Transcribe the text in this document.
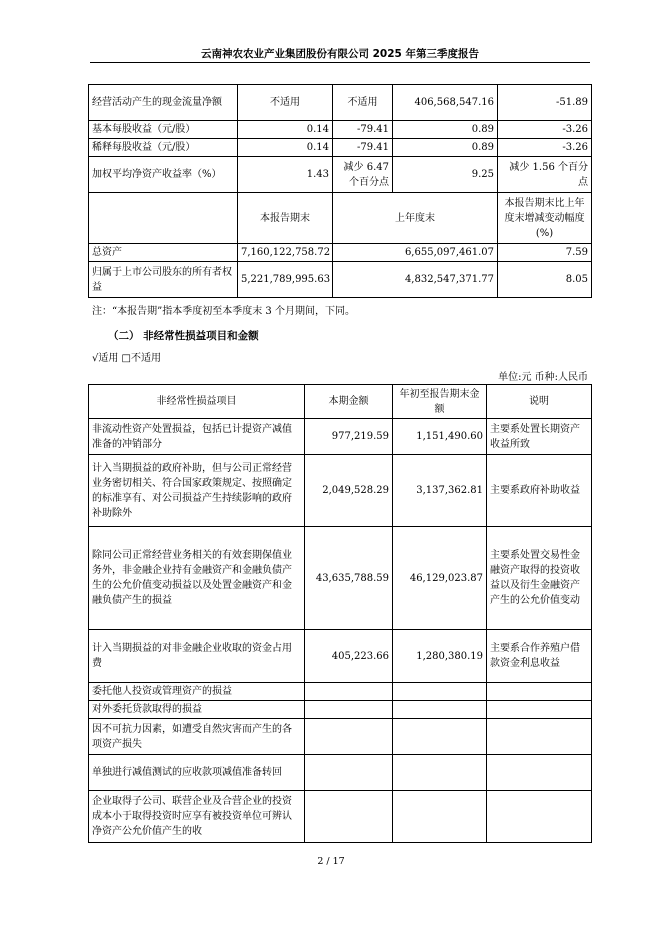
云南神农农业产业集团股份有限公司 2025 年第三季度报告
经营活动产生的现金流量净额	不适用	不适用	406,568,547.16	-51.89
基本每股收益（元/股）	0.14	-79.41	0.89	-3.26
稀释每股收益（元/股）	0.14	-79.41	0.89	-3.26
加权平均净资产收益率（%）	1.43	减少 6.47 个百分点	9.25	减少 1.56 个百分点
	本报告期末	上年度末		本报告期末比上年度末增减变动幅度(%)
总资产	7,160,122,758.72	6,655,097,461.07		7.59
归属于上市公司股东的所有者权益	5,221,789,995.63	4,832,547,371.77		8.05
注：“本报告期”指本季度初至本季度末 3 个月期间，下同。
（二） 非经常性损益项目和金额
√适用 □不适用
单位:元 币种:人民币
非经常性损益项目	本期金额	年初至报告期末金额	说明
非流动性资产处置损益，包括已计提资产减值准备的冲销部分	977,219.59	1,151,490.60	主要系处置长期资产收益所致
计入当期损益的政府补助，但与公司正常经营业务密切相关、符合国家政策规定、按照确定的标准享有、对公司损益产生持续影响的政府补助除外	2,049,528.29	3,137,362.81	主要系政府补助收益
除同公司正常经营业务相关的有效套期保值业务外，非金融企业持有金融资产和金融负债产生的公允价值变动损益以及处置金融资产和金融负债产生的损益	43,635,788.59	46,129,023.87	主要系处置交易性金融资产取得的投资收益以及衍生金融资产产生的公允价值变动
计入当期损益的对非金融企业收取的资金占用费	405,223.66	1,280,380.19	主要系合作养殖户借款资金利息收益
委托他人投资或管理资产的损益			
对外委托贷款取得的损益			
因不可抗力因素，如遭受自然灾害而产生的各项资产损失			
单独进行减值测试的应收款项减值准备转回			
企业取得子公司、联营企业及合营企业的投资成本小于取得投资时应享有被投资单位可辨认净资产公允价值产生的收			
2 / 17
